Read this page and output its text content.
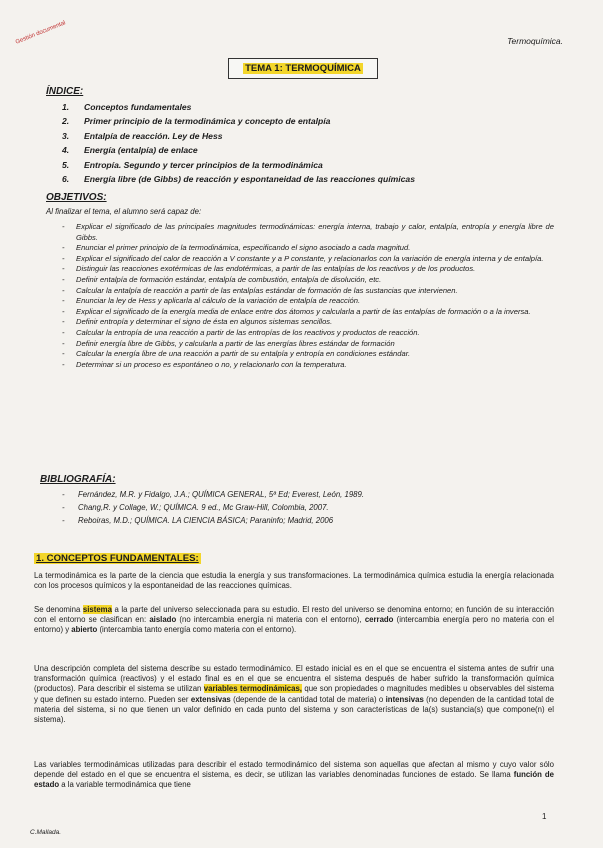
Gestión documental	Termoquímica.
TEMA 1: TERMOQUÍMICA
ÍNDICE:
1. Conceptos fundamentales
2. Primer principio de la termodinámica y concepto de entalpía
3. Entalpía de reacción. Ley de Hess
4. Energía (entalpía) de enlace
5. Entropía. Segundo y tercer principios de la termodinámica
6. Energía libre (de Gibbs) de reacción y espontaneidad de las reacciones químicas
OBJETIVOS:
Al finalizar el tema, el alumno será capaz de:
- Explicar el significado de las principales magnitudes termodinámicas: energía interna, trabajo y calor, entalpía, entropía y energía libre de Gibbs.
- Enunciar el primer principio de la termodinámica, especificando el signo asociado a cada magnitud.
- Explicar el significado del calor de reacción a V constante y a P constante, y relacionarlos con la variación de energía interna y de entalpía.
- Distinguir las reacciones exotérmicas de las endotérmicas, a partir de las entalpías de los reactivos y de los productos.
- Definir entalpía de formación estándar, entalpía de combustión, entalpía de disolución, etc.
- Calcular la entalpía de reacción a partir de las entalpías estándar de formación de las sustancias que intervienen.
- Enunciar la ley de Hess y aplicarla al cálculo de la variación de entalpía de reacción.
- Explicar el significado de la energía media de enlace entre dos átomos y calcularla a partir de las entalpías de formación o a la inversa.
- Definir entropía y determinar el signo de ésta en algunos sistemas sencillos.
- Calcular la entropía de una reacción a partir de las entropías de los reactivos y productos de reacción.
- Definir energía libre de Gibbs, y calcularla a partir de las energías libres estándar de formación
- Calcular la energía libre de una reacción a partir de su entalpía y entropía en condiciones estándar.
- Determinar si un proceso es espontáneo o no, y relacionarlo con la temperatura.
BIBLIOGRAFÍA:
- Fernández, M.R. y Fidalgo, J.A.; QUÍMICA GENERAL, 5ª Ed; Everest, León, 1989.
- Chang,R. y Collage, W.; QUÍMICA. 9 ed., Mc Graw-Hill, Colombia, 2007.
- Reboiras, M.D.; QUÍMICA. LA CIENCIA BÁSICA; Paraninfo; Madrid, 2006
1. CONCEPTOS FUNDAMENTALES:
La termodinámica es la parte de la ciencia que estudia la energía y sus transformaciones. La termodinámica química estudia la energía relacionada con los procesos químicos y la espontaneidad de las reacciones químicas.
Se denomina sistema a la parte del universo seleccionada para su estudio. El resto del universo se denomina entorno; en función de su interacción con el entorno se clasifican en: aislado (no intercambia energía ni materia con el entorno), cerrado (intercambia energía pero no materia con el entorno) y abierto (intercambia tanto energía como materia con el entorno).
Una descripción completa del sistema describe su estado termodinámico. El estado inicial es en el que se encuentra el sistema antes de sufrir una transformación química (reactivos) y el estado final es en el que se encuentra el sistema después de haber sufrido la transformación química (productos). Para describir el sistema se utilizan variables termodinámicas, que son propiedades o magnitudes medibles u observables del sistema y que definen su estado interno. Pueden ser extensivas (depende de la cantidad total de materia) o intensivas (no dependen de la cantidad total de materia del sistema, si no que tienen un valor definido en cada punto del sistema y son características de la(s) sustancia(s) que compone(n) el sistema).
Las variables termodinámicas utilizadas para describir el estado termodinámico del sistema son aquellas que afectan al mismo y cuyo valor sólo depende del estado en el que se encuentra el sistema, es decir, se utilizan las variables denominadas funciones de estado. Se llama función de estado a la variable termodinámica que tiene
C.Mallada.
1
